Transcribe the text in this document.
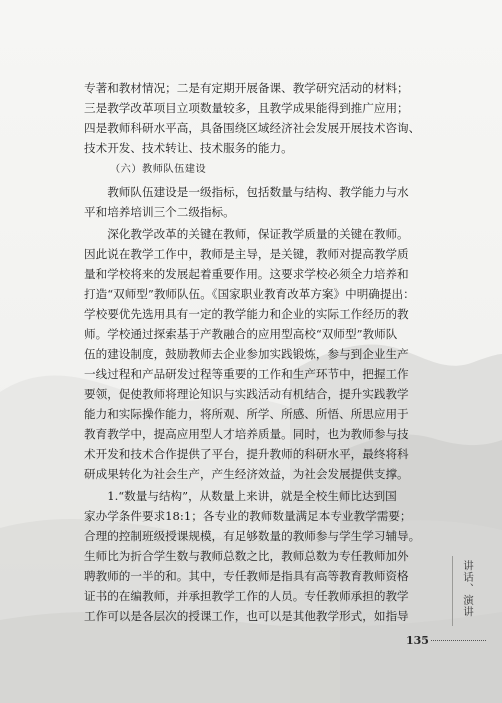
专著和教材情况；二是有定期开展备课、教学研究活动的材料；
三是教学改革项目立项数量较多，且教学成果能得到推广应用；
四是教师科研水平高，具备围绕区域经济社会发展开展技术咨询、
技术开发、技术转让、技术服务的能力。
（六）教师队伍建设
　　教师队伍建设是一级指标，包括数量与结构、教学能力与水
平和培养培训三个二级指标。
　　深化教学改革的关键在教师，保证教学质量的关键在教师。
因此说在教学工作中，教师是主导，是关键，教师对提高教学质
量和学校将来的发展起着重要作用。这要求学校必须全力培养和
打造“双师型”教师队伍。《国家职业教育改革方案》中明确提出：
学校要优先选用具有一定的教学能力和企业的实际工作经历的教
师。学校通过探索基于产教融合的应用型高校“双师型”教师队
伍的建设制度，鼓励教师去企业参加实践锻炼，参与到企业生产
一线过程和产品研发过程等重要的工作和生产环节中，把握工作
要领，促使教师将理论知识与实践活动有机结合，提升实践教学
能力和实际操作能力，将所观、所学、所感、所悟、所思应用于
教育教学中，提高应用型人才培养质量。同时，也为教师参与技
术开发和技术合作提供了平台，提升教师的科研水平，最终将科
研成果转化为社会生产，产生经济效益，为社会发展提供支撑。
　　1.“数量与结构”，从数量上来讲，就是全校生师比达到国
家办学条件要求18:1；各专业的教师数量满足本专业教学需要；
合理的控制班级授课规模，有足够数量的教师参与学生学习辅导。
生师比为折合学生数与教师总数之比，教师总数为专任教师加外
聘教师的一半的和。其中，专任教师是指具有高等教育教师资格
证书的在编教师，并承担教学工作的人员。专任教师承担的教学
工作可以是各层次的授课工作，也可以是其他教学形式，如指导	讲话、演讲
135
